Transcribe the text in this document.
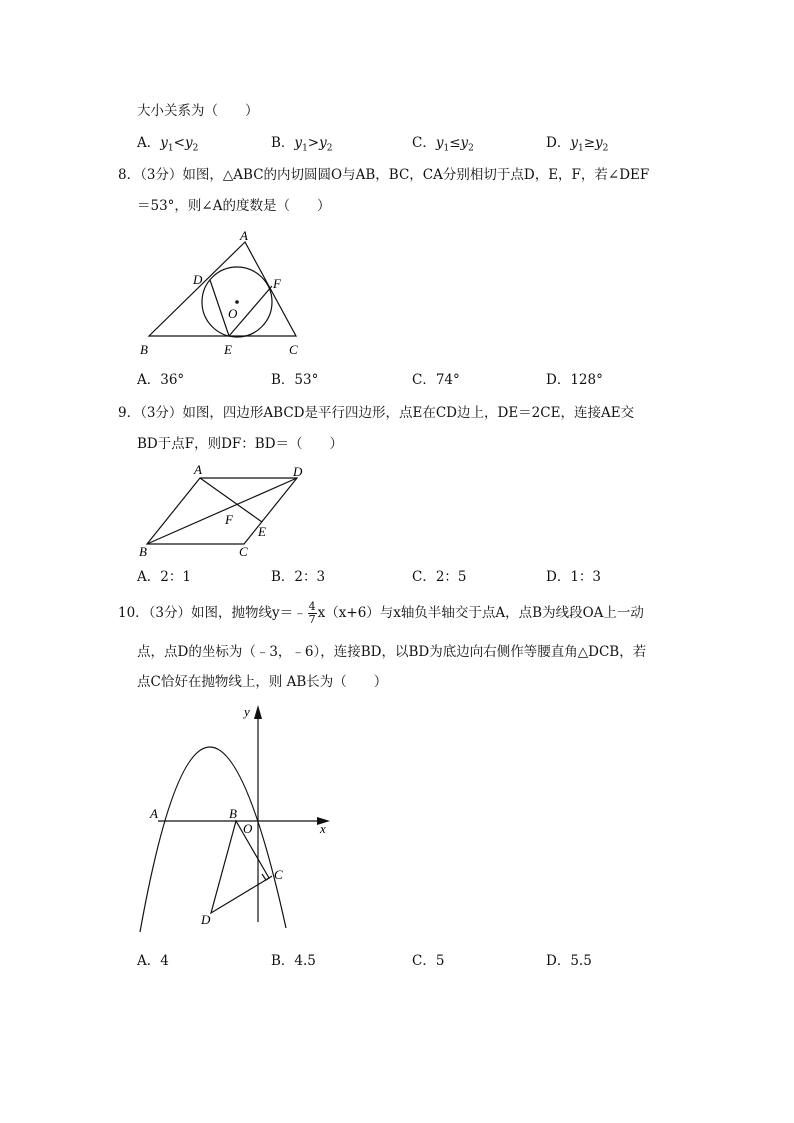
大小关系为（　　）
A．$y_1<y_2$	B．$y_1>y_2$	C．$y_1\le y_2$	D．$y_1\ge y_2$
8．（3分）如图，△ABC的内切圆圆O与AB，BC，CA分别相切于点D，E，F，若∠DEF
＝53°，则∠A的度数是（　　）
A
D	F
O
B	E	C
A．36°	B．53°	C．74°	D．128°
9．（3分）如图，四边形ABCD是平行四边形，点E在CD边上，DE＝2CE，连接AE交
BD于点F，则DF：BD＝（　　）
A	D
F
E
B	C
A．2：1	B．2：3	C．2：5	D．1：3
10．（3分）如图，抛物线y＝﹣ $\frac{4}{7} x(x+6)$与x轴负半轴交于点A，点B为线段OA上一动
点，点D的坐标为（﹣3，﹣6），连接BD，以BD为底边向右侧作等腰直角△DCB，若
点C恰好在抛物线上，则 AB长为（　　）
y
x
A	B
O
C
D
A．4	B．4.5	C．5	D．5.5
